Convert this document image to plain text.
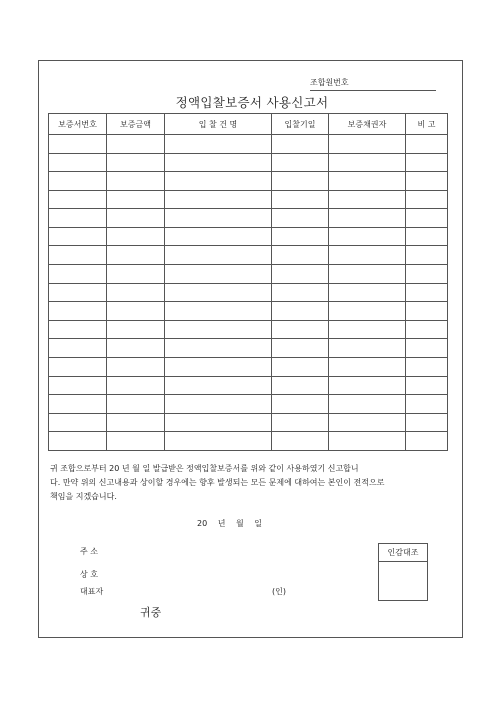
조합원번호
정액입찰보증서 사용신고서
보증서번호	보증금액	입 찰 건 명	입찰기일	보증채권자	비 고

귀 조합으로부터 20 년 월 일 발급받은 정액입찰보증서를 위와 같이 사용하였기 신고합니
다. 만약 위의 신고내용과 상이할 경우에는 향후 발생되는 모든 문제에 대하여는 본인이 전적으로
책임을 지겠습니다.
20 년 월 일
주 소
상 호
대표자	(인)
인감대조
귀중
